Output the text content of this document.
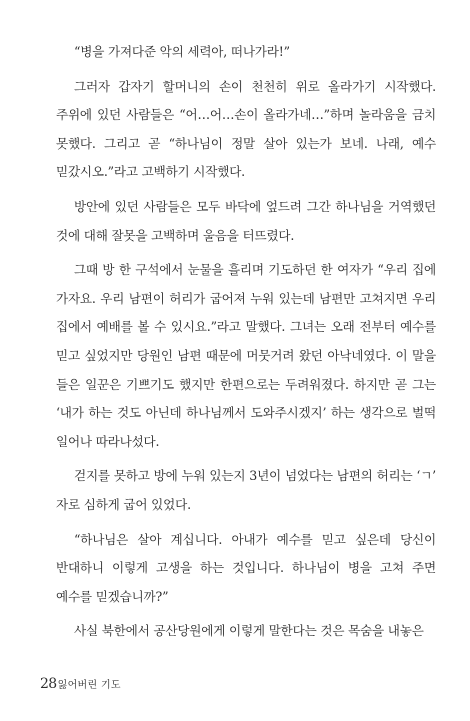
“병을 가져다준 악의 세력아, 떠나가라!”

그러자 갑자기 할머니의 손이 천천히 위로 올라가기 시작했다. 주위에 있던 사람들은 “어…어…손이 올라가네…”하며 놀라움을 금치 못했다. 그리고 곧 “하나님이 정말 살아 있는가 보네. 나래, 예수 믿갔시오.”라고 고백하기 시작했다.

방안에 있던 사람들은 모두 바닥에 엎드려 그간 하나님을 거역했던 것에 대해 잘못을 고백하며 울음을 터뜨렸다.

그때 방 한 구석에서 눈물을 흘리며 기도하던 한 여자가 “우리 집에 가자요. 우리 남편이 허리가 굽어져 누워 있는데 남편만 고쳐지면 우리 집에서 예배를 볼 수 있시요.”라고 말했다. 그녀는 오래 전부터 예수를 믿고 싶었지만 당원인 남편 때문에 머뭇거려 왔던 아낙네였다. 이 말을 들은 일꾼은 기쁘기도 했지만 한편으로는 두려워졌다. 하지만 곧 그는 ‘내가 하는 것도 아닌데 하나님께서 도와주시겠지’ 하는 생각으로 벌떡 일어나 따라나섰다.

걷지를 못하고 방에 누워 있는지 3년이 넘었다는 남편의 허리는 ‘ㄱ’ 자로 심하게 굽어 있었다.

“하나님은 살아 계십니다. 아내가 예수를 믿고 싶은데 당신이 반대하니 이렇게 고생을 하는 것입니다. 하나님이 병을 고쳐 주면 예수를 믿겠습니까?”

사실 북한에서 공산당원에게 이렇게 말한다는 것은 목숨을 내놓은

28잃어버린 기도
